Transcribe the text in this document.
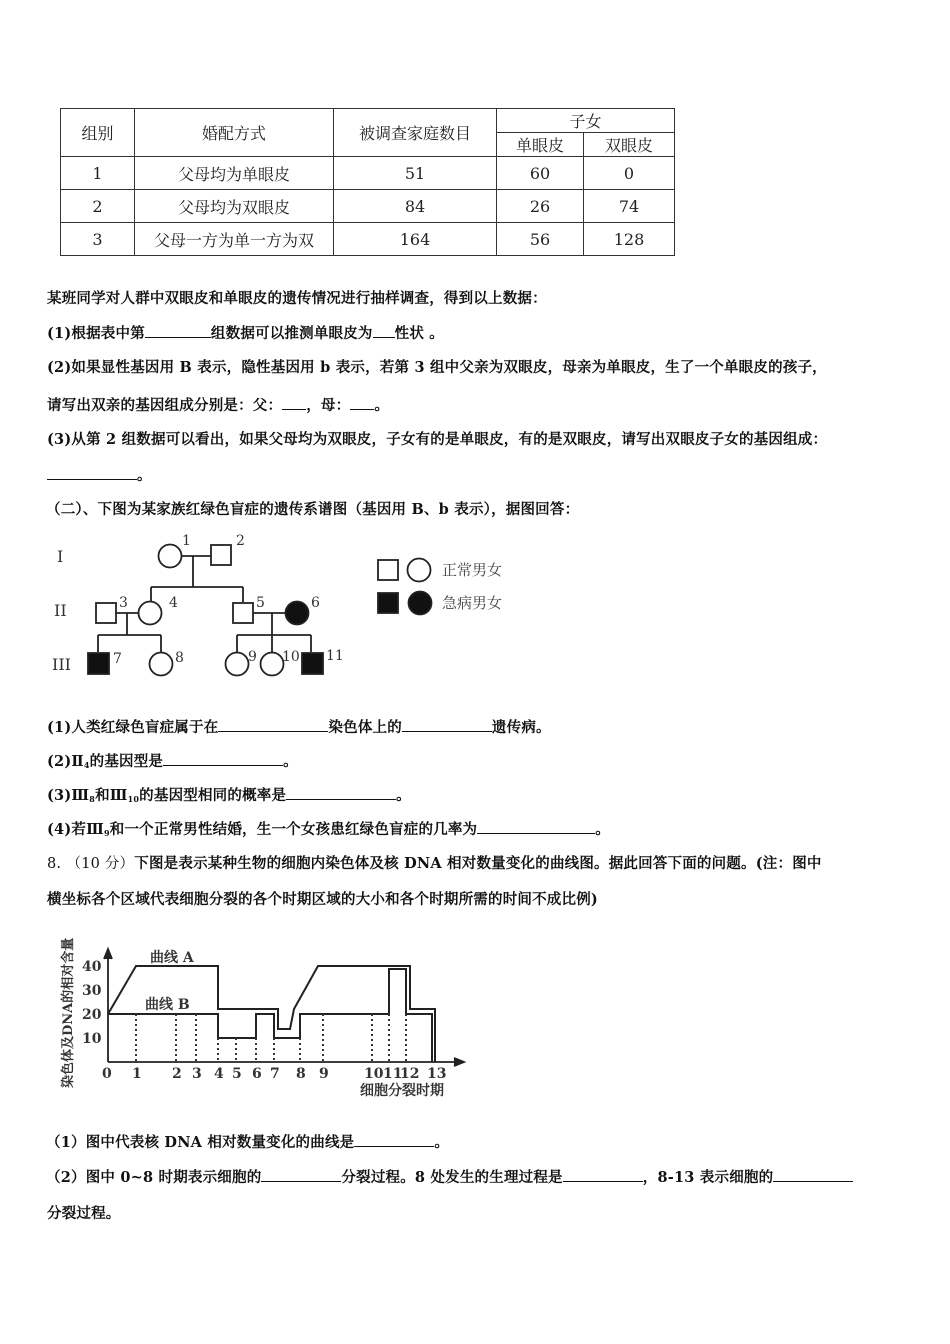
组别	婚配方式	被调查家庭数目	子女	
			单眼皮	双眼皮
1	父母均为单眼皮	51	60	0
2	父母均为双眼皮	84	26	74
3	父母一方为单一方为双	164	56	128
某班同学对人群中双眼皮和单眼皮的遗传情况进行抽样调查，得到以上数据：
(1)根据表中第	组数据可以推测单眼皮为 性状 。
(2)如果显性基因用 B 表示，隐性基因用 b 表示，若第 3 组中父亲为双眼皮，母亲为单眼皮，生了一个单眼皮的孩子，
请写出双亲的基因组成分别是：父： ，母： 。
(3)从第 2 组数据可以看出，如果父母均为双眼皮，子女有的是单眼皮，有的是双眼皮，请写出双眼皮子女的基因组成：
。
（二）、下图为某家族红绿色盲症的遗传系谱图（基因用 B、b 表示），据图回答：
I
II
III
1	2
3	4	5	6
7	8	9 10 11
正常男女
急病男女
(1)人类红绿色盲症属于在	染色体上的	遗传病。
$(2)Ⅱ_4$的基因型是	。
$(3)Ⅲ_8$和$Ⅲ_{10}$的基因型相同的概率是	。
(4)若$Ⅲ_9$和一个正常男性结婚，生一个女孩患红绿色盲症的几率为	。
8. （10 分）下图是表示某种生物的细胞内染色体及核 DNA 相对数量变化的曲线图。据此回答下面的问题。(注：图中
横坐标各个区域代表细胞分裂的各个时期区域的大小和各个时期所需的时间不成比例)
染色体及DNA的相对含量 40
30
20
10
0 1 2 3 4 5 6 7 8 9	10 11
12 13
曲线 A
曲线 B
细胞分裂时期
（1）图中代表核 DNA 相对数量变化的曲线是	。
（2）图中 0~8 时期表示细胞的	分裂过程。8 处发生的生理过程是	，8-13 表示细胞的
分裂过程。
